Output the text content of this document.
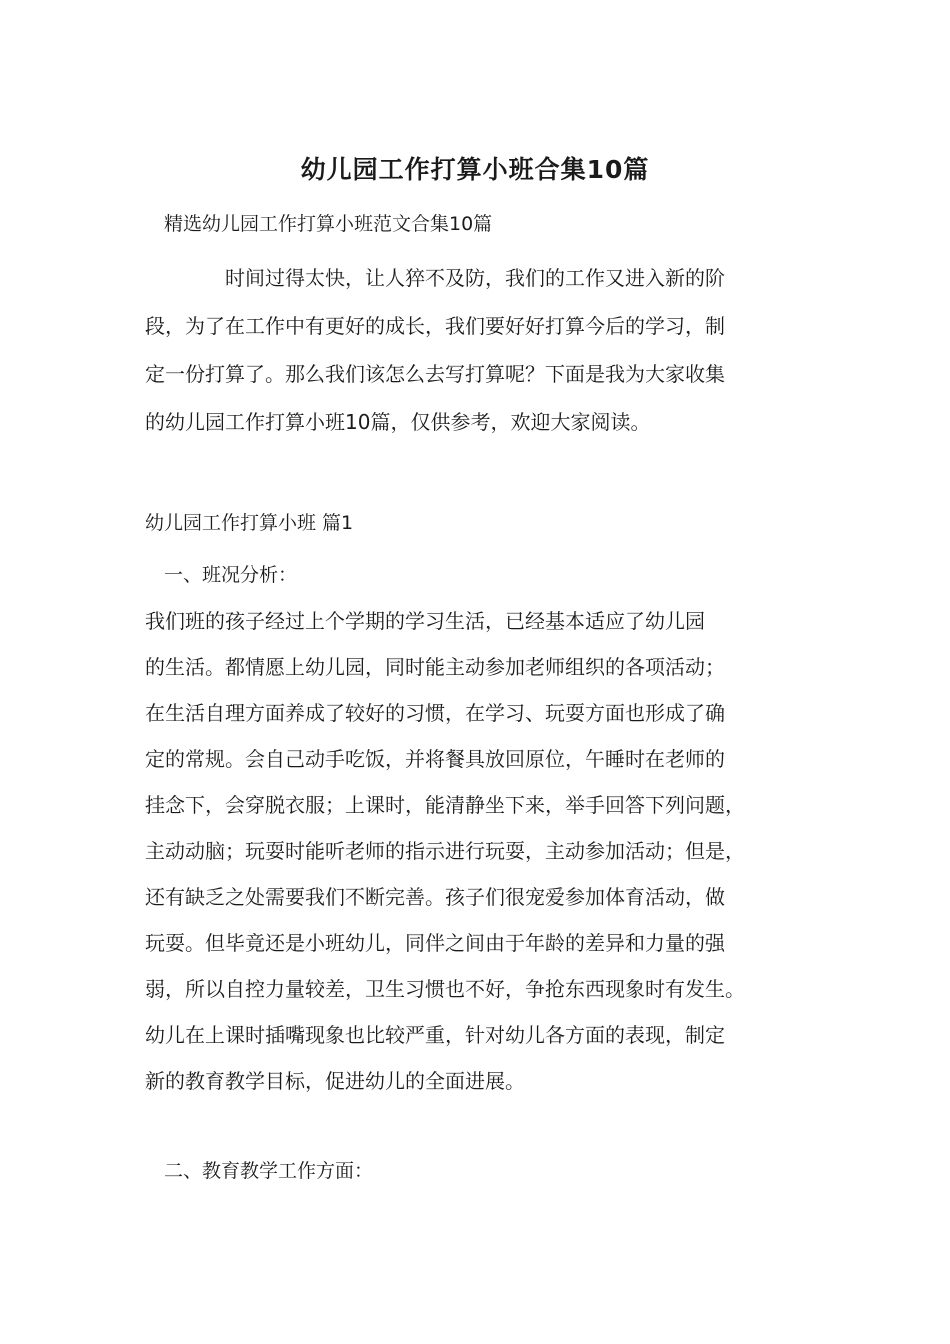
幼儿园工作打算小班合集10篇
精选幼儿园工作打算小班范文合集10篇
　　　　时间过得太快，让人猝不及防，我们的工作又进入新的阶
段，为了在工作中有更好的成长，我们要好好打算今后的学习，制
定一份打算了。那么我们该怎么去写打算呢？下面是我为大家收集
的幼儿园工作打算小班10篇，仅供参考，欢迎大家阅读。
幼儿园工作打算小班 篇1
一、班况分析：
我们班的孩子经过上个学期的学习生活，已经基本适应了幼儿园
的生活。都情愿上幼儿园，同时能主动参加老师组织的各项活动；
在生活自理方面养成了较好的习惯，在学习、玩耍方面也形成了确
定的常规。会自己动手吃饭，并将餐具放回原位，午睡时在老师的
挂念下，会穿脱衣服；上课时，能清静坐下来，举手回答下列问题，
主动动脑；玩耍时能听老师的指示进行玩耍，主动参加活动；但是，
还有缺乏之处需要我们不断完善。孩子们很宠爱参加体育活动，做
玩耍。但毕竟还是小班幼儿，同伴之间由于年龄的差异和力量的强
弱，所以自控力量较差，卫生习惯也不好，争抢东西现象时有发生。
幼儿在上课时插嘴现象也比较严重，针对幼儿各方面的表现，制定
新的教育教学目标，促进幼儿的全面进展。
二、教育教学工作方面：
